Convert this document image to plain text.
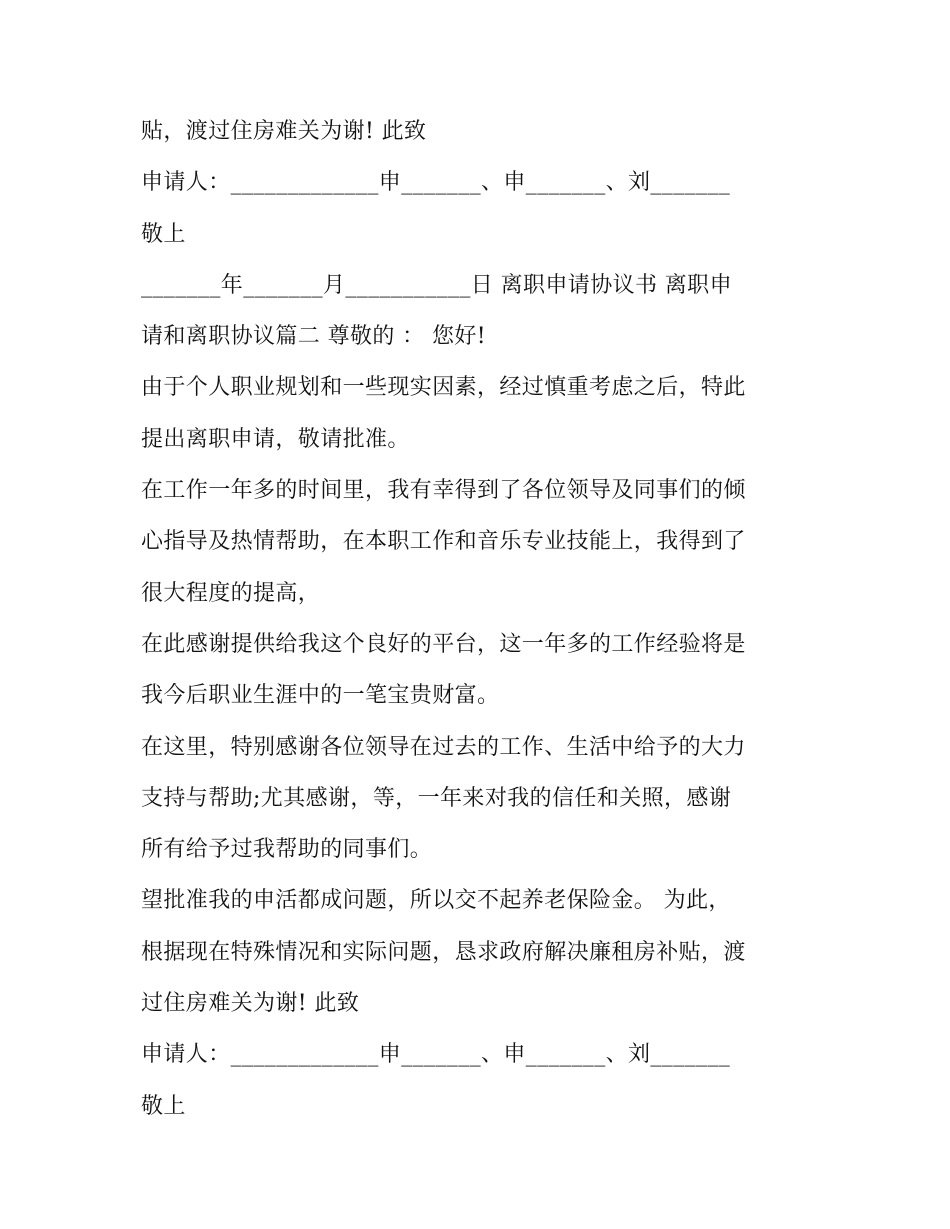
贴，渡过住房难关为谢! 此致
申请人：_____________申_______、申_______、刘_______
敬上
_______年_______月___________日 离职申请协议书 离职申
请和离职协议篇二 尊敬的 ： 您好!
由于个人职业规划和一些现实因素，经过慎重考虑之后，特此
提出离职申请，敬请批准。
在工作一年多的时间里，我有幸得到了各位领导及同事们的倾
心指导及热情帮助，在本职工作和音乐专业技能上，我得到了
很大程度的提高，
在此感谢提供给我这个良好的平台，这一年多的工作经验将是
我今后职业生涯中的一笔宝贵财富。
在这里，特别感谢各位领导在过去的工作、生活中给予的大力
支持与帮助;尤其感谢，等，一年来对我的信任和关照，感谢
所有给予过我帮助的同事们。
望批准我的申活都成问题，所以交不起养老保险金。 为此，
根据现在特殊情况和实际问题，恳求政府解决廉租房补贴，渡
过住房难关为谢! 此致
申请人：_____________申_______、申_______、刘_______
敬上
